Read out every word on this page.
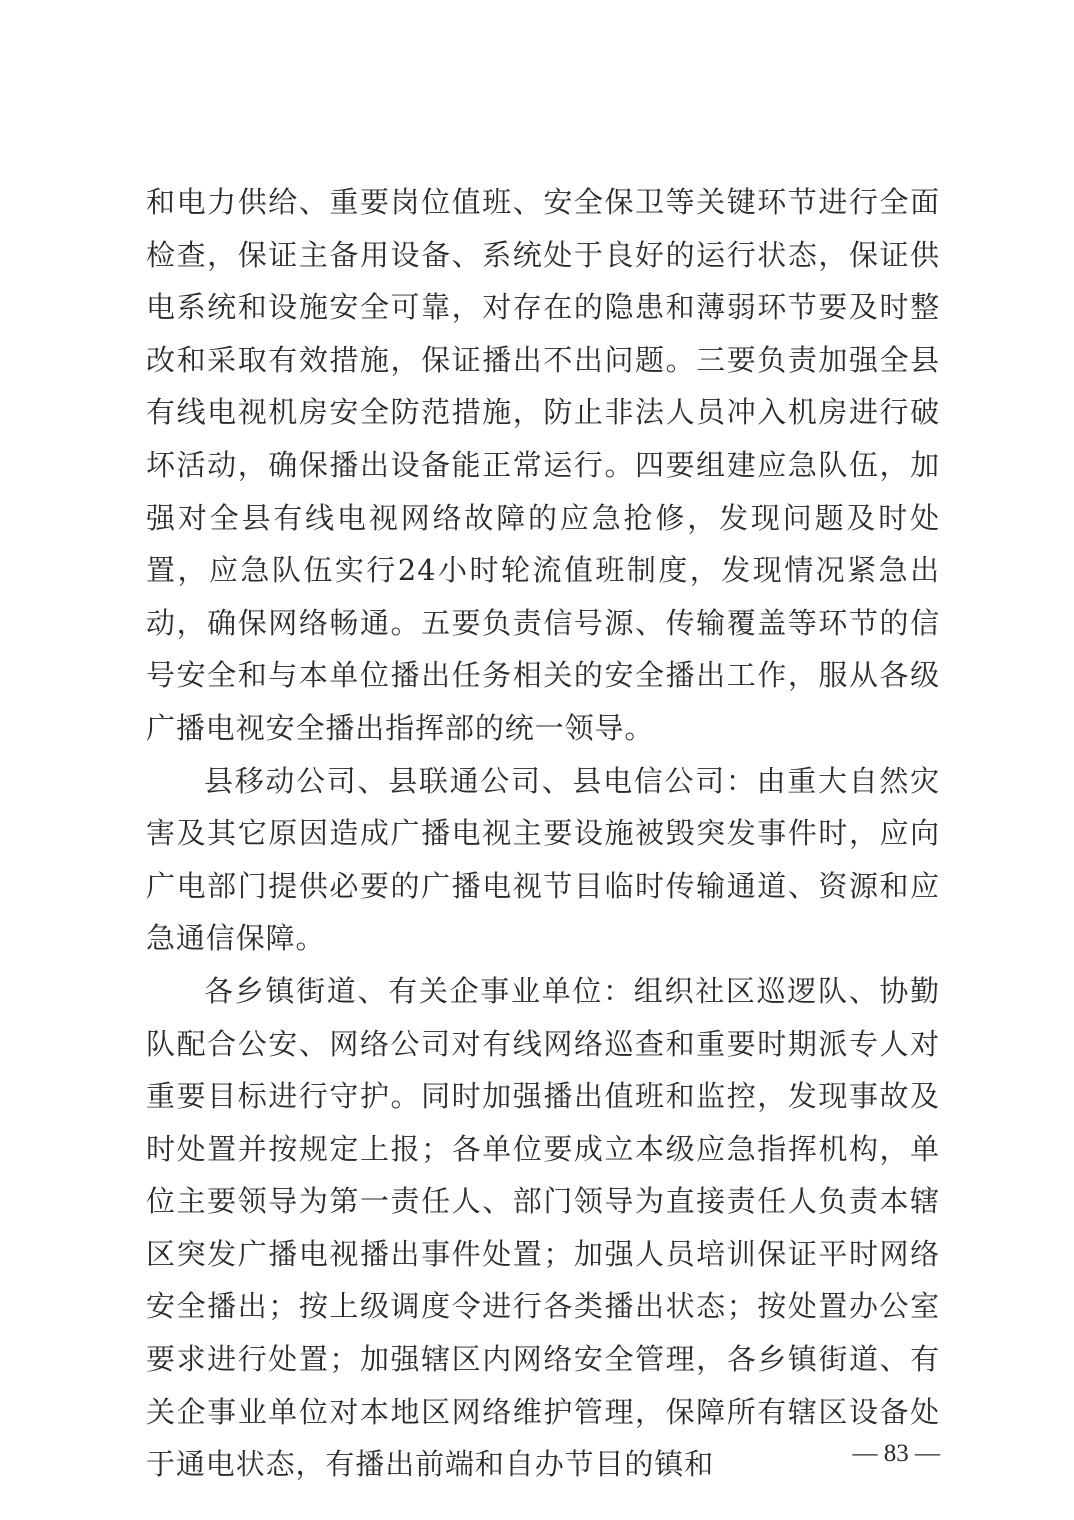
和电力供给、重要岗位值班、安全保卫等关键环节进行全面检查，保证主备用设备、系统处于良好的运行状态，保证供电系统和设施安全可靠，对存在的隐患和薄弱环节要及时整改和采取有效措施，保证播出不出问题。三要负责加强全县有线电视机房安全防范措施，防止非法人员冲入机房进行破坏活动，确保播出设备能正常运行。四要组建应急队伍，加强对全县有线电视网络故障的应急抢修，发现问题及时处置，应急队伍实行24小时轮流值班制度，发现情况紧急出动，确保网络畅通。五要负责信号源、传输覆盖等环节的信号安全和与本单位播出任务相关的安全播出工作，服从各级广播电视安全播出指挥部的统一领导。

县移动公司、县联通公司、县电信公司：由重大自然灾害及其它原因造成广播电视主要设施被毁突发事件时，应向广电部门提供必要的广播电视节目临时传输通道、资源和应急通信保障。

各乡镇街道、有关企事业单位：组织社区巡逻队、协勤队配合公安、网络公司对有线网络巡查和重要时期派专人对重要目标进行守护。同时加强播出值班和监控，发现事故及时处置并按规定上报；各单位要成立本级应急指挥机构，单位主要领导为第一责任人、部门领导为直接责任人负责本辖区突发广播电视播出事件处置；加强人员培训保证平时网络安全播出；按上级调度令进行各类播出状态；按处置办公室要求进行处置；加强辖区内网络安全管理，各乡镇街道、有关企事业单位对本地区网络维护管理，保障所有辖区设备处于通电状态，有播出前端和自办节目的镇和	— 83 —
